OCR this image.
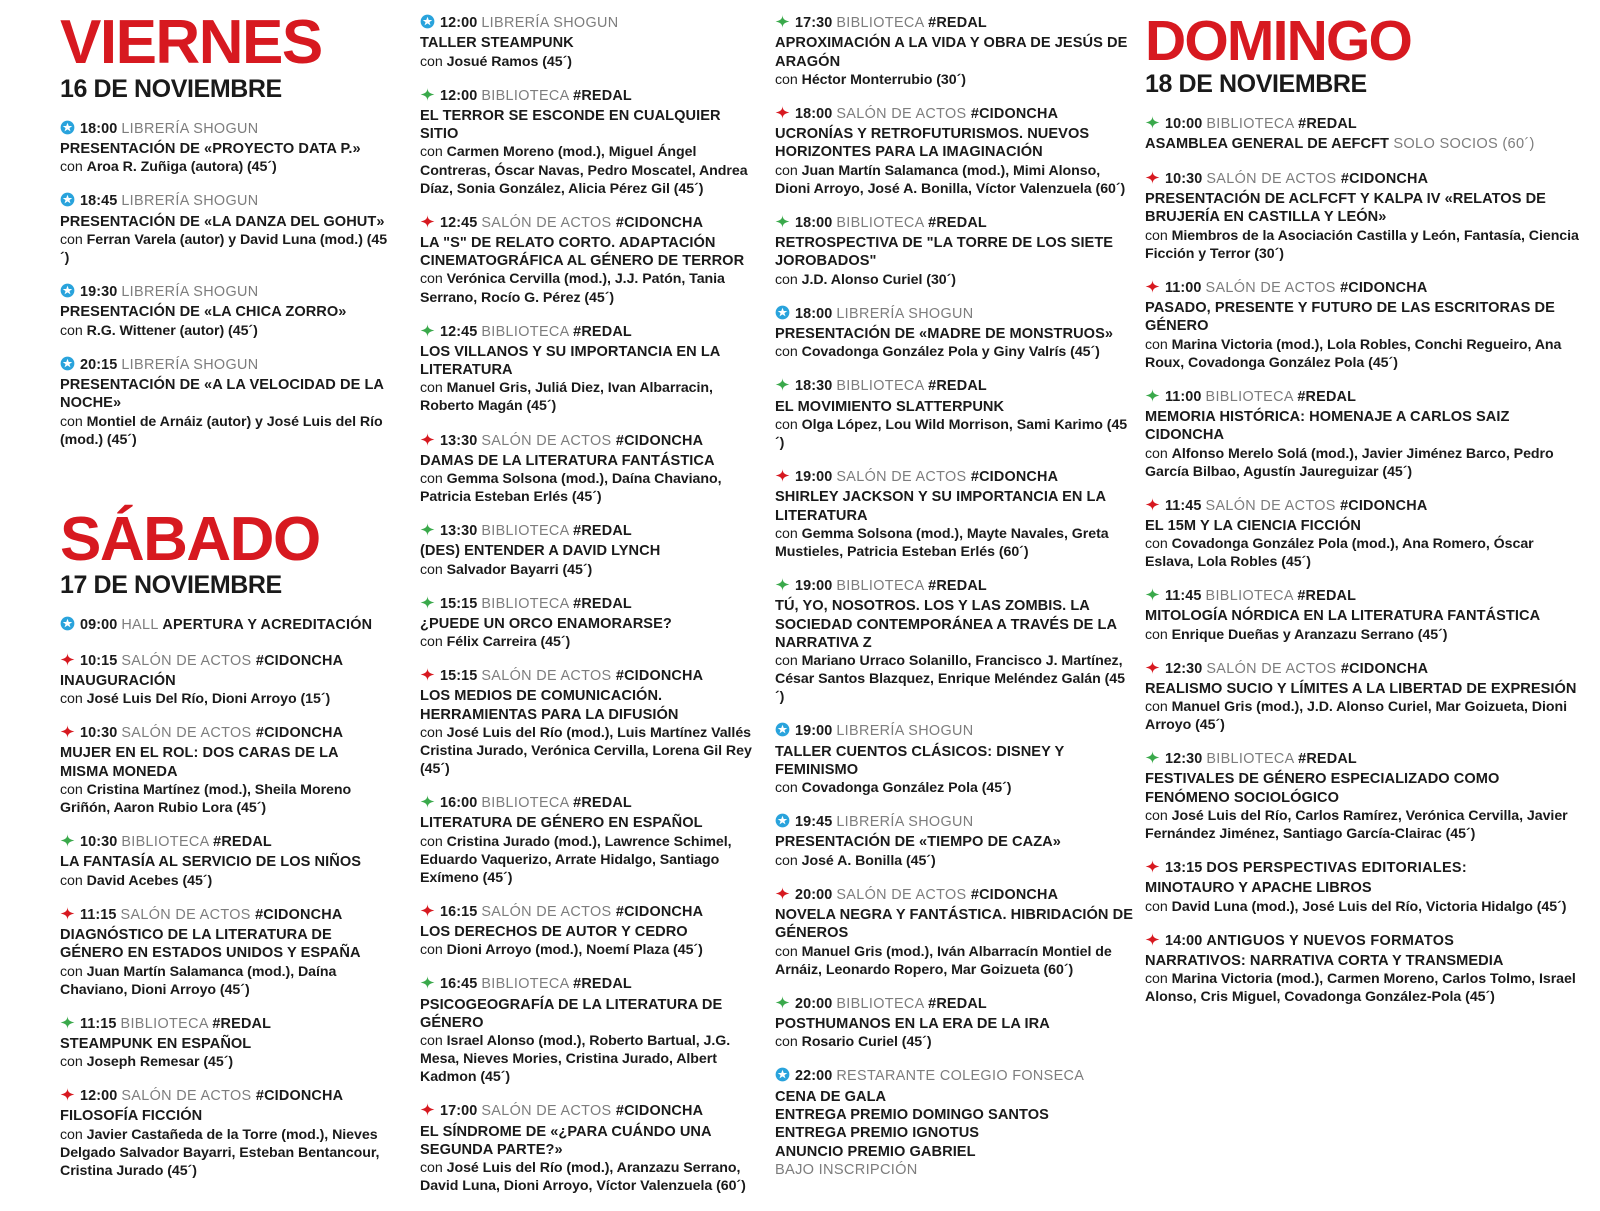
VIERNES
16 DE NOVIEMBRE
18:00 LIBRERÍA SHOGUN
PRESENTACIÓN DE «PROYECTO DATA P.»
con Aroa R. Zuñiga (autora) (45´)
18:45 LIBRERÍA SHOGUN
PRESENTACIÓN DE «LA DANZA DEL GOHUT»
con Ferran Varela (autor) y David Luna (mod.) (45´)
19:30 LIBRERÍA SHOGUN
PRESENTACIÓN DE «LA CHICA ZORRO»
con R.G. Wittener (autor) (45´)
20:15 LIBRERÍA SHOGUN
PRESENTACIÓN DE «A LA VELOCIDAD DE LA NOCHE»
con Montiel de Arnáiz (autor) y José Luis del Río (mod.) (45´)
SÁBADO
17 DE NOVIEMBRE
09:00 HALL APERTURA Y ACREDITACIÓN
10:15 SALÓN DE ACTOS #CIDONCHA
INAUGURACIÓN
con José Luis Del Río, Dioni Arroyo (15´)
10:30 SALÓN DE ACTOS #CIDONCHA
MUJER EN EL ROL: DOS CARAS DE LA MISMA MONEDA
con Cristina Martínez (mod.), Sheila Moreno Griñón, Aaron Rubio Lora (45´)
10:30 BIBLIOTECA #REDAL
LA FANTASÍA AL SERVICIO DE LOS NIÑOS
con David Acebes (45´)
11:15 SALÓN DE ACTOS #CIDONCHA
DIAGNÓSTICO DE LA LITERATURA DE GÉNERO EN ESTADOS UNIDOS Y ESPAÑA
con Juan Martín Salamanca (mod.), Daína Chaviano, Dioni Arroyo (45´)
11:15 BIBLIOTECA #REDAL
STEAMPUNK EN ESPAÑOL
con Joseph Remesar (45´)
12:00 SALÓN DE ACTOS #CIDONCHA
FILOSOFÍA FICCIÓN
con Javier Castañeda de la Torre (mod.), Nieves Delgado Salvador Bayarri, Esteban Bentancour, Cristina Jurado (45´)
12:00 LIBRERÍA SHOGUN
TALLER STEAMPUNK
con Josué Ramos (45´)
12:00 BIBLIOTECA #REDAL
EL TERROR SE ESCONDE EN CUALQUIER SITIO
con Carmen Moreno (mod.), Miguel Ángel Contreras, Óscar Navas, Pedro Moscatel, Andrea Díaz, Sonia González, Alicia Pérez Gil (45´)
12:45 SALÓN DE ACTOS #CIDONCHA
LA "S" DE RELATO CORTO. ADAPTACIÓN CINEMATOGRÁFICA AL GÉNERO DE TERROR
con Verónica Cervilla (mod.), J.J. Patón, Tania Serrano, Rocío G. Pérez (45´)
12:45 BIBLIOTECA #REDAL
LOS VILLANOS Y SU IMPORTANCIA EN LA LITERATURA
con Manuel Gris, Juliá Diez, Ivan Albarracin, Roberto Magán (45´)
13:30 SALÓN DE ACTOS #CIDONCHA
DAMAS DE LA LITERATURA FANTÁSTICA
con Gemma Solsona (mod.), Daína Chaviano, Patricia Esteban Erlés (45´)
13:30 BIBLIOTECA #REDAL
(DES) ENTENDER A DAVID LYNCH
con Salvador Bayarri (45´)
15:15 BIBLIOTECA #REDAL
¿PUEDE UN ORCO ENAMORARSE?
con Félix Carreira (45´)
15:15 SALÓN DE ACTOS #CIDONCHA
LOS MEDIOS DE COMUNICACIÓN. HERRAMIENTAS PARA LA DIFUSIÓN
con José Luis del Río (mod.), Luis Martínez Vallés Cristina Jurado, Verónica Cervilla, Lorena Gil Rey (45´)
16:00 BIBLIOTECA #REDAL
LITERATURA DE GÉNERO EN ESPAÑOL
con Cristina Jurado (mod.), Lawrence Schimel, Eduardo Vaquerizo, Arrate Hidalgo, Santiago Exímeno (45´)
16:15 SALÓN DE ACTOS #CIDONCHA
LOS DERECHOS DE AUTOR Y CEDRO
con Dioni Arroyo (mod.), Noemí Plaza (45´)
16:45 BIBLIOTECA #REDAL
PSICOGEOGRAFÍA DE LA LITERATURA DE GÉNERO
con Israel Alonso (mod.), Roberto Bartual, J.G. Mesa, Nieves Mories, Cristina Jurado, Albert Kadmon (45´)
17:00 SALÓN DE ACTOS #CIDONCHA
EL SÍNDROME DE «¿PARA CUÁNDO UNA SEGUNDA PARTE?»
con José Luis del Río (mod.), Aranzazu Serrano, David Luna, Dioni Arroyo, Víctor Valenzuela (60´)
17:30 BIBLIOTECA #REDAL
APROXIMACIÓN A LA VIDA Y OBRA DE JESÚS DE ARAGÓN
con Héctor Monterrubio (30´)
18:00 SALÓN DE ACTOS #CIDONCHA
UCRONÍAS Y RETROFUTURISMOS. NUEVOS HORIZONTES PARA LA IMAGINACIÓN
con Juan Martín Salamanca (mod.), Mimi Alonso, Dioni Arroyo, José A. Bonilla, Víctor Valenzuela (60´)
18:00 BIBLIOTECA #REDAL
RETROSPECTIVA DE "LA TORRE DE LOS SIETE JOROBADOS"
con J.D. Alonso Curiel (30´)
18:00 LIBRERÍA SHOGUN
PRESENTACIÓN DE «MADRE DE MONSTRUOS»
con Covadonga González Pola y Giny Valrís (45´)
18:30 BIBLIOTECA #REDAL
EL MOVIMIENTO SLATTERPUNK
con Olga López, Lou Wild Morrison, Sami Karimo (45´)
19:00 SALÓN DE ACTOS #CIDONCHA
SHIRLEY JACKSON Y SU IMPORTANCIA EN LA LITERATURA
con Gemma Solsona (mod.), Mayte Navales, Greta Mustieles, Patricia Esteban Erlés (60´)
19:00 BIBLIOTECA #REDAL
TÚ, YO, NOSOTROS. LOS Y LAS ZOMBIS. LA SOCIEDAD CONTEMPORÁNEA A TRAVÉS DE LA NARRATIVA Z
con Mariano Urraco Solanillo, Francisco J. Martínez, César Santos Blazquez, Enrique Meléndez Galán (45´)
19:00 LIBRERÍA SHOGUN
TALLER CUENTOS CLÁSICOS: DISNEY Y FEMINISMO
con Covadonga González Pola (45´)
19:45 LIBRERÍA SHOGUN
PRESENTACIÓN DE «TIEMPO DE CAZA»
con José A. Bonilla (45´)
20:00 SALÓN DE ACTOS #CIDONCHA
NOVELA NEGRA Y FANTÁSTICA. HIBRIDACIÓN DE GÉNEROS
con Manuel Gris (mod.), Iván Albarracín Montiel de Arnáiz, Leonardo Ropero, Mar Goizueta (60´)
20:00 BIBLIOTECA #REDAL
POSTHUMANOS EN LA ERA DE LA IRA
con Rosario Curiel (45´)
22:00 RESTARANTE COLEGIO FONSECA
CENA DE GALA
ENTREGA PREMIO DOMINGO SANTOS
ENTREGA PREMIO IGNOTUS
ANUNCIO PREMIO GABRIEL
BAJO INSCRIPCIÓN
DOMINGO
18 DE NOVIEMBRE
10:00 BIBLIOTECA #REDAL
ASAMBLEA GENERAL DE AEFCFT SOLO SOCIOS (60´)
10:30 SALÓN DE ACTOS #CIDONCHA
PRESENTACIÓN DE ACLFCFT Y KALPA IV «RELATOS DE BRUJERÍA EN CASTILLA Y LEÓN»
con Miembros de la Asociación Castilla y León, Fantasía, Ciencia Ficción y Terror (30´)
11:00 SALÓN DE ACTOS #CIDONCHA
PASADO, PRESENTE Y FUTURO DE LAS ESCRITORAS DE GÉNERO
con Marina Victoria (mod.), Lola Robles, Conchi Regueiro, Ana Roux, Covadonga González Pola (45´)
11:00 BIBLIOTECA #REDAL
MEMORIA HISTÓRICA: HOMENAJE A CARLOS SAIZ CIDONCHA
con Alfonso Merelo Solá (mod.), Javier Jiménez Barco, Pedro García Bilbao, Agustín Jaureguizar (45´)
11:45 SALÓN DE ACTOS #CIDONCHA
EL 15M Y LA CIENCIA FICCIÓN
con Covadonga González Pola (mod.), Ana Romero, Óscar Eslava, Lola Robles (45´)
11:45 BIBLIOTECA #REDAL
MITOLOGÍA NÓRDICA EN LA LITERATURA FANTÁSTICA
con Enrique Dueñas y Aranzazu Serrano (45´)
12:30 SALÓN DE ACTOS #CIDONCHA
REALISMO SUCIO Y LÍMITES A LA LIBERTAD DE EXPRESIÓN
con Manuel Gris (mod.), J.D. Alonso Curiel, Mar Goizueta, Dioni Arroyo (45´)
12:30 BIBLIOTECA #REDAL
FESTIVALES DE GÉNERO ESPECIALIZADO COMO FENÓMENO SOCIOLÓGICO
con José Luis del Río, Carlos Ramírez, Verónica Cervilla, Javier Fernández Jiménez, Santiago García-Clairac (45´)
13:15 DOS PERSPECTIVAS EDITORIALES:
MINOTAURO Y APACHE LIBROS
con David Luna (mod.), José Luis del Río, Victoria Hidalgo (45´)
14:00 ANTIGUOS Y NUEVOS FORMATOS
NARRATIVOS: NARRATIVA CORTA Y TRANSMEDIA
con Marina Victoria (mod.), Carmen Moreno, Carlos Tolmo, Israel Alonso, Cris Miguel, Covadonga González-Pola (45´)
